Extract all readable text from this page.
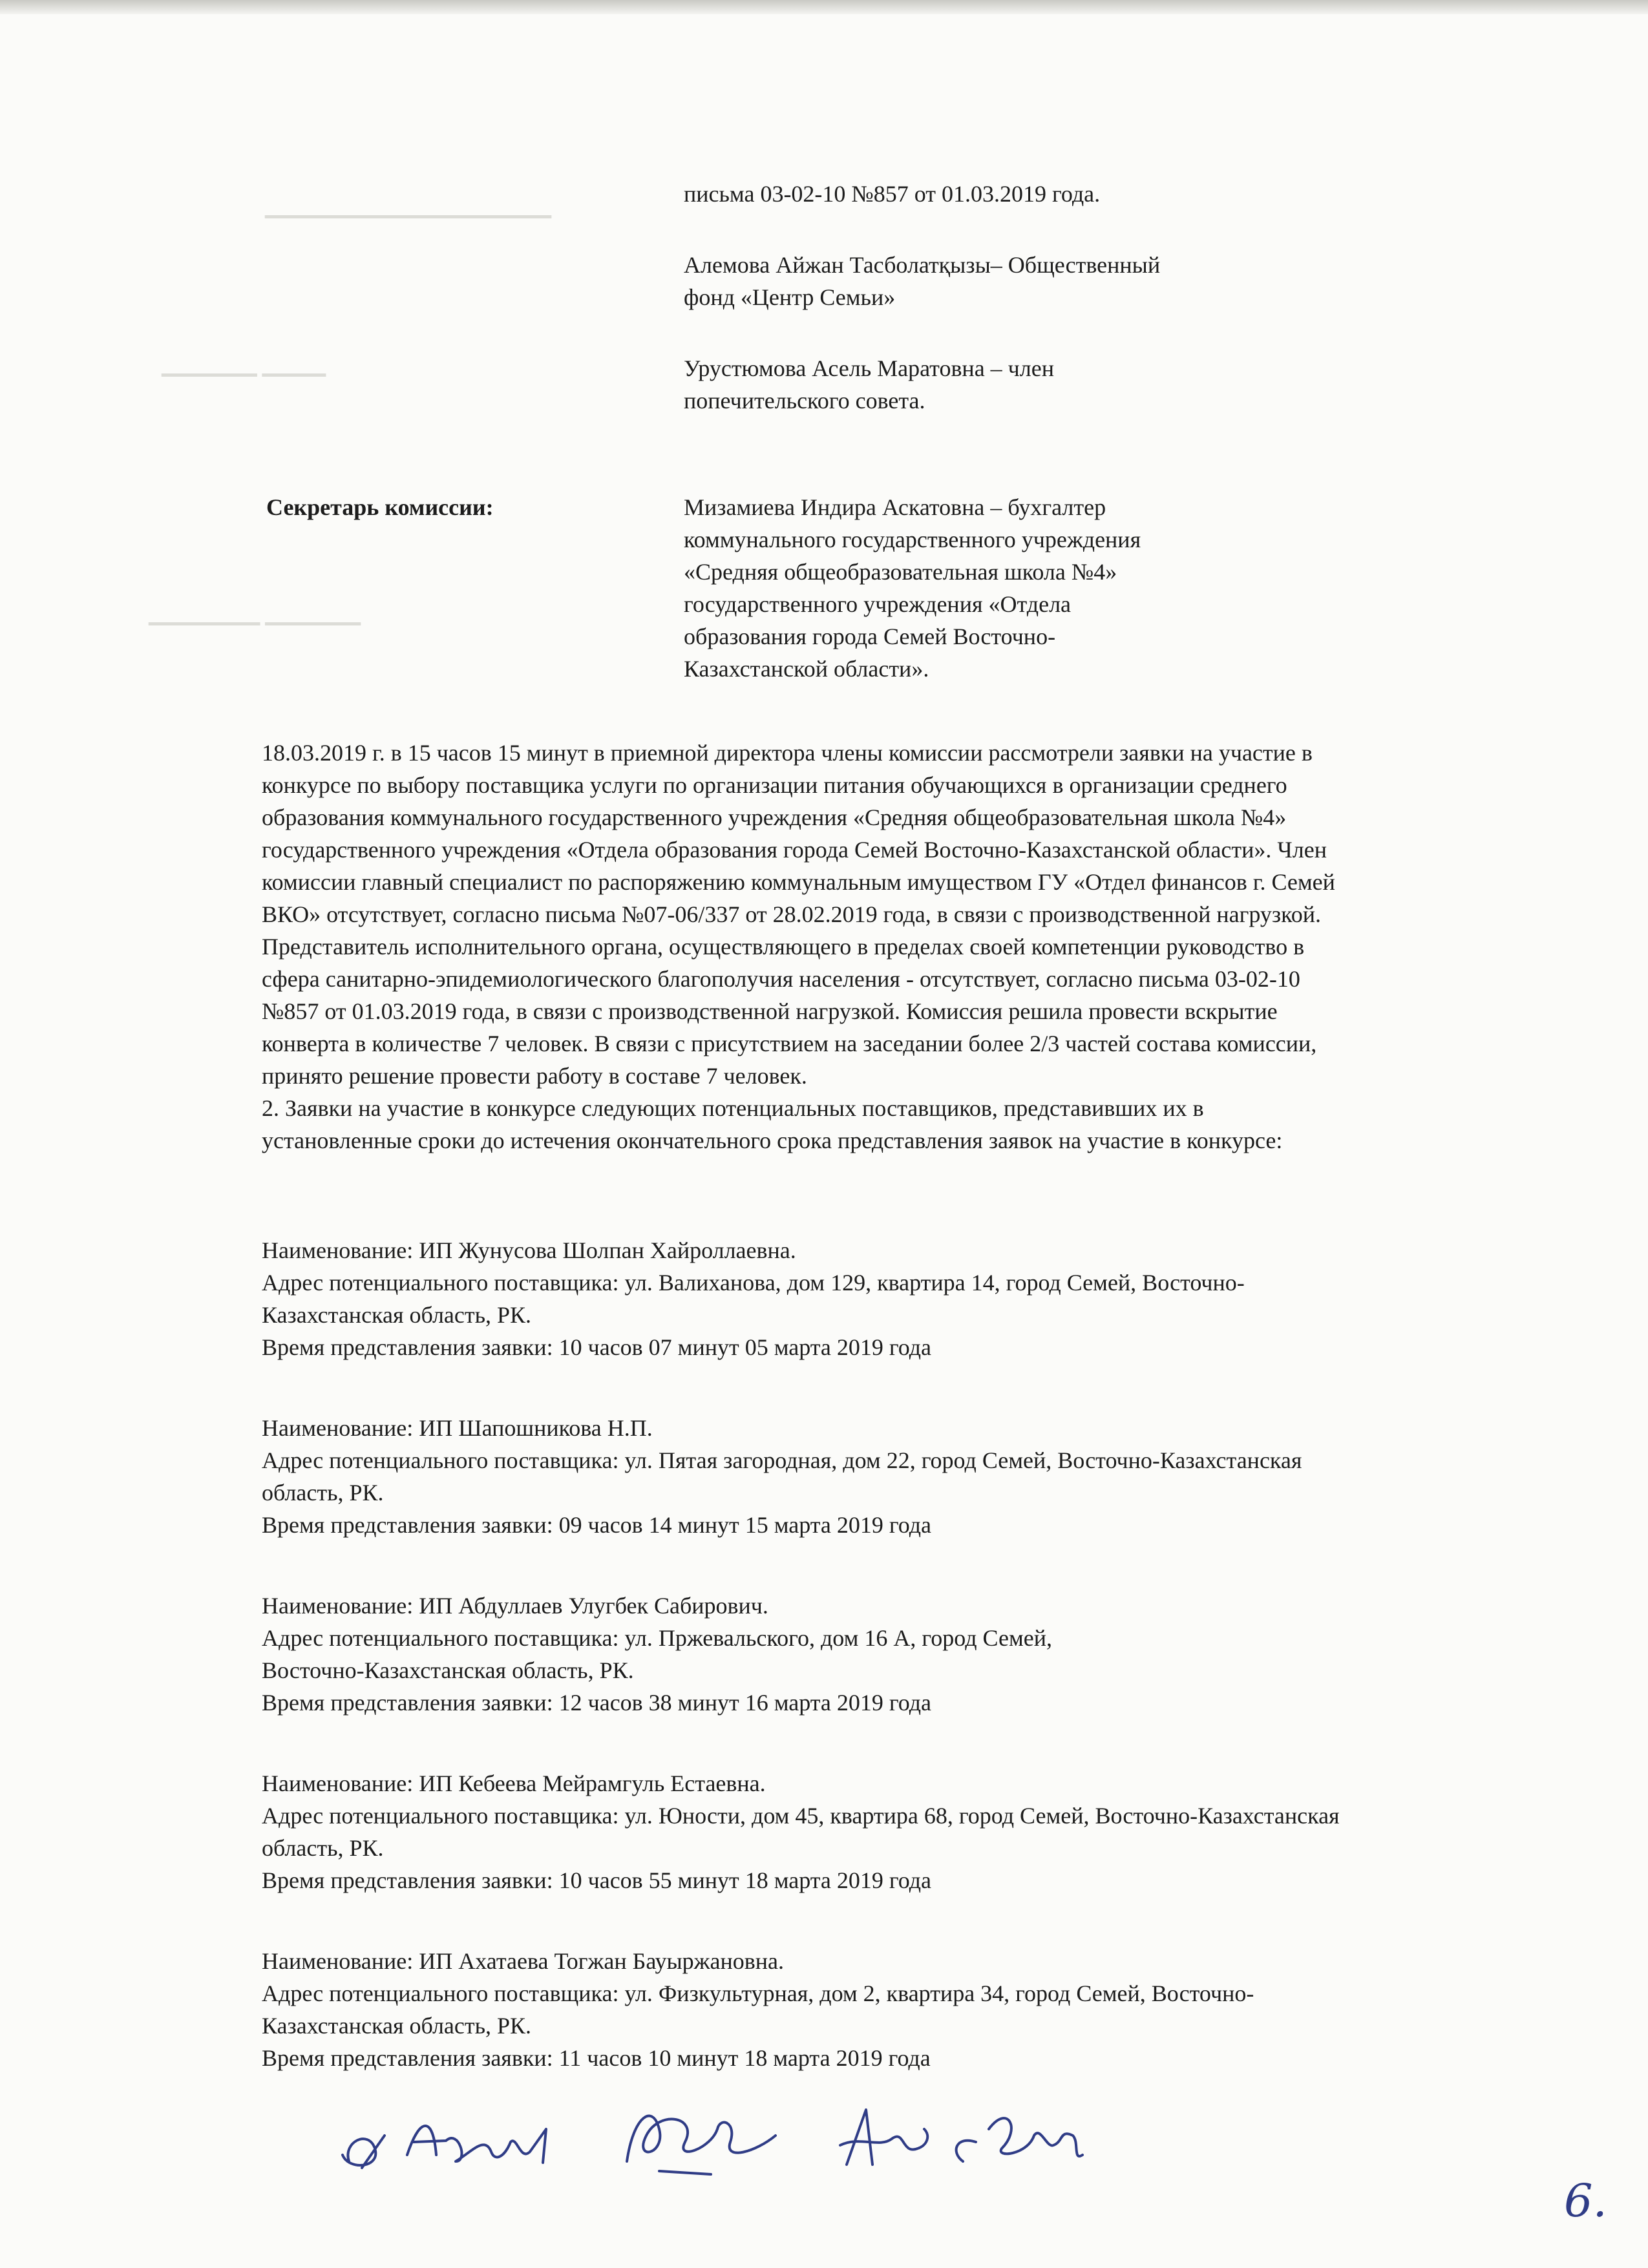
▁▁▁▁▁▁▁▁▁▁▁▁▁▁▁▁▁▁
▁▁▁▁▁▁ ▁▁▁▁
▁▁▁▁▁▁▁ ▁▁▁▁▁▁

письма 03-02-10 №857 от 01.03.2019 года.

Алемова Айжан Тасболатқызы– Общественный
фонд «Центр Семьи»

Урустюмова Асель Маратовна – член
попечительского совета.

Секретарь комиссии:	Мизамиева Индира Аскатовна – бухгалтер
коммунального государственного учреждения
«Средняя общеобразовательная школа №4»
государственного учреждения «Отдела
образования города Семей Восточно-
Казахстанской области».

18.03.2019 г. в 15 часов 15 минут в приемной директора члены комиссии рассмотрели заявки на участие в
конкурсе по выбору поставщика услуги по организации питания обучающихся в организации среднего
образования коммунального государственного учреждения «Средняя общеобразовательная школа №4»
государственного учреждения «Отдела образования города Семей Восточно-Казахстанской области». Член
комиссии главный специалист по распоряжению коммунальным имуществом ГУ «Отдел финансов г. Семей
ВКО» отсутствует, согласно письма №07-06/337 от 28.02.2019 года, в связи с производственной нагрузкой.
Представитель исполнительного органа, осуществляющего в пределах своей компетенции руководство в
сфера санитарно-эпидемиологического благополучия населения - отсутствует, согласно письма 03-02-10
№857 от 01.03.2019 года, в связи с производственной нагрузкой. Комиссия решила провести вскрытие
конверта в количестве 7 человек. В связи с присутствием на заседании более 2/3 частей состава комиссии,
принято решение провести работу в составе 7 человек.
2. Заявки на участие в конкурсе следующих потенциальных поставщиков, представивших их в
установленные сроки до истечения окончательного срока представления заявок на участие в конкурсе:

Наименование: ИП Жунусова Шолпан Хайроллаевна.
Адрес потенциального поставщика: ул. Валиханова, дом 129, квартира 14, город Семей, Восточно-
Казахстанская область, РК.
Время представления заявки: 10 часов 07 минут 05 марта 2019 года

Наименование: ИП Шапошникова Н.П.
Адрес потенциального поставщика: ул. Пятая загородная, дом 22, город Семей, Восточно-Казахстанская
область, РК.
Время представления заявки: 09 часов 14 минут 15 марта 2019 года

Наименование: ИП Абдуллаев Улугбек Сабирович.
Адрес потенциального поставщика: ул. Пржевальского, дом 16 А, город Семей,
Восточно-Казахстанская область, РК.
Время представления заявки: 12 часов 38 минут 16 марта 2019 года

Наименование: ИП Кебеева Мейрамгуль Естаевна.
Адрес потенциального поставщика: ул. Юности, дом 45, квартира 68, город Семей, Восточно-Казахстанская
область, РК.
Время представления заявки: 10 часов 55 минут 18 марта 2019 года

Наименование: ИП Ахатаева Тогжан Бауыржановна.
Адрес потенциального поставщика: ул. Физкультурная, дом 2, квартира 34, город Семей, Восточно-
Казахстанская область, РК.
Время представления заявки: 11 часов 10 минут 18 марта 2019 года

6.
